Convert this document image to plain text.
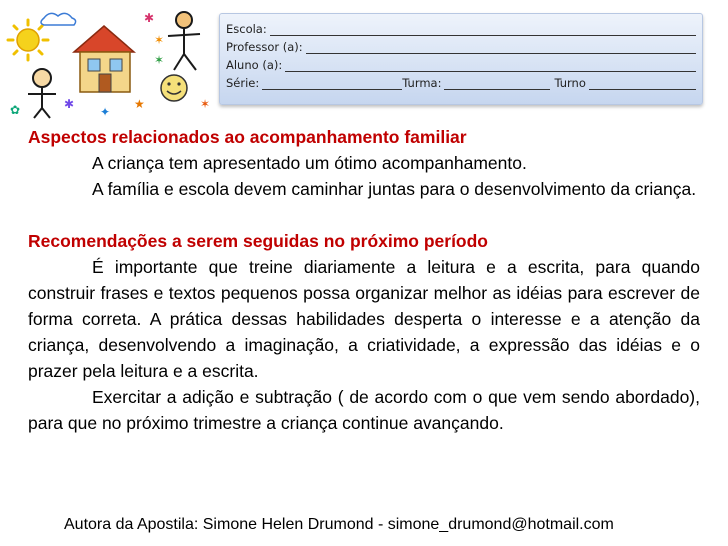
✱
✶
★
✱
✦
✶
✿
✶
Escola:
Professor (a):
Aluno (a):
Série:	Turma:	Turno

Aspectos relacionados ao acompanhamento familiar

A criança tem apresentado um ótimo acompanhamento.

A família e escola devem caminhar juntas para o desenvolvimento da criança.

Recomendações a serem seguidas no próximo período

É importante que treine diariamente a leitura e a escrita, para quando construir frases e textos pequenos possa organizar melhor as idéias para escrever de forma correta. A prática dessas habilidades desperta o interesse e a atenção da criança, desenvolvendo a imaginação, a criatividade, a expressão das idéias e o prazer pela leitura e a escrita.

Exercitar a adição e subtração ( de acordo com o que vem sendo abordado), para que no próximo trimestre a criança continue avançando.

Autora da Apostila: Simone Helen Drumond - simone_drumond@hotmail.com
